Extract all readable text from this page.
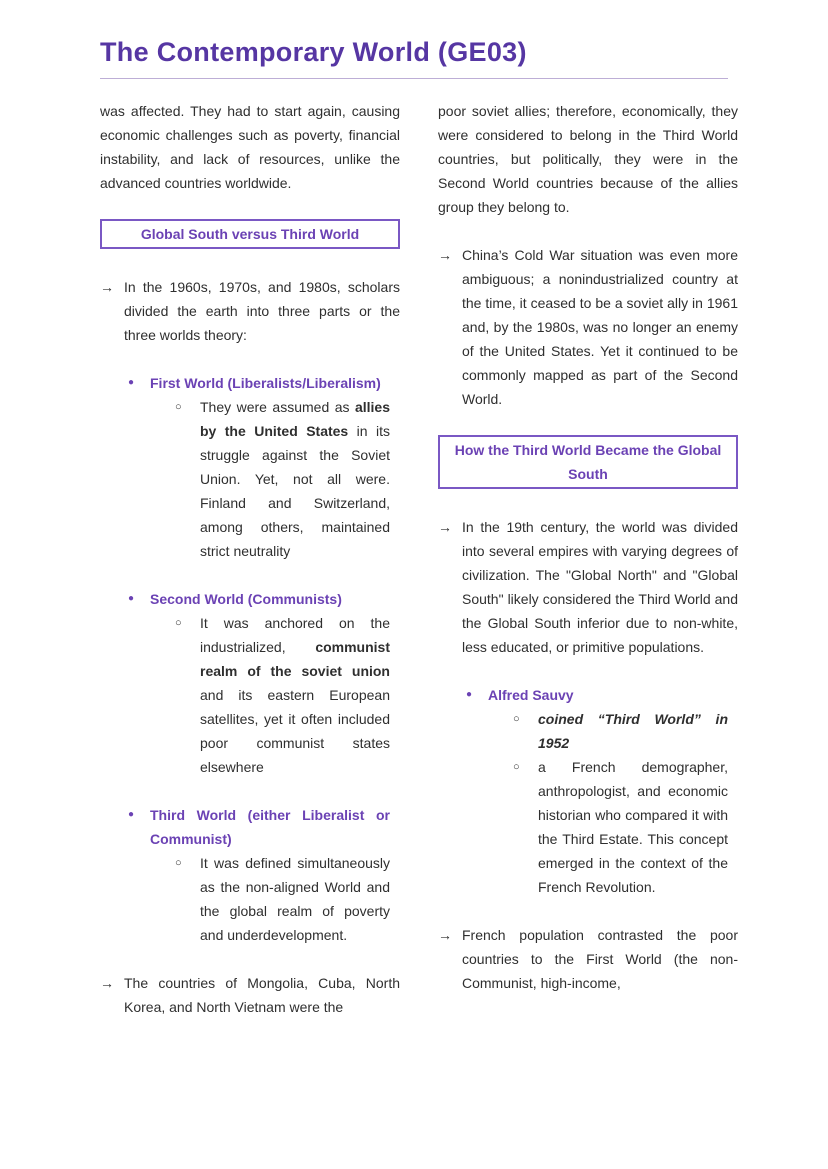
The Contemporary World (GE03)

was affected. They had to start again, causing economic challenges such as poverty, financial instability, and lack of resources, unlike the advanced countries worldwide.

Global South versus Third World
→ In the 1960s, 1970s, and 1980s, scholars divided the earth into three parts or the three worlds theory:

●	First World (Liberalists/Liberalism)

○	They were assumed as allies by the United States in its struggle against the Soviet Union. Yet, not all were. Finland and Switzerland, among others, maintained strict neutrality

●	Second World (Communists)

○	It was anchored on the industrialized, communist realm of the soviet union and its eastern European satellites, yet it often included poor communist states elsewhere

●	Third World (either Liberalist or Communist)

○	It was defined simultaneously as the non-aligned World and the global realm of poverty and underdevelopment.

→ The countries of Mongolia, Cuba, North Korea, and North Vietnam were the

poor soviet allies; therefore, economically, they were considered to belong in the Third World countries, but politically, they were in the Second World countries because of the allies group they belong to.

→ China’s Cold War situation was even more ambiguous; a nonindustrialized country at the time, it ceased to be a soviet ally in 1961 and, by the 1980s, was no longer an enemy of the United States. Yet it continued to be commonly mapped as part of the Second World.

How the Third World Became the Global South
→ In the 19th century, the world was divided into several empires with varying degrees of civilization. The "Global North" and "Global South" likely considered the Third World and the Global South inferior due to non-white, less educated, or primitive populations.

●	Alfred Sauvy

○	coined “Third World” in 1952

○	a French demographer, anthropologist, and economic historian who compared it with the Third Estate. This concept emerged in the context of the French Revolution.

→ French population contrasted the poor countries to the First World (the non-Communist, high-income,
